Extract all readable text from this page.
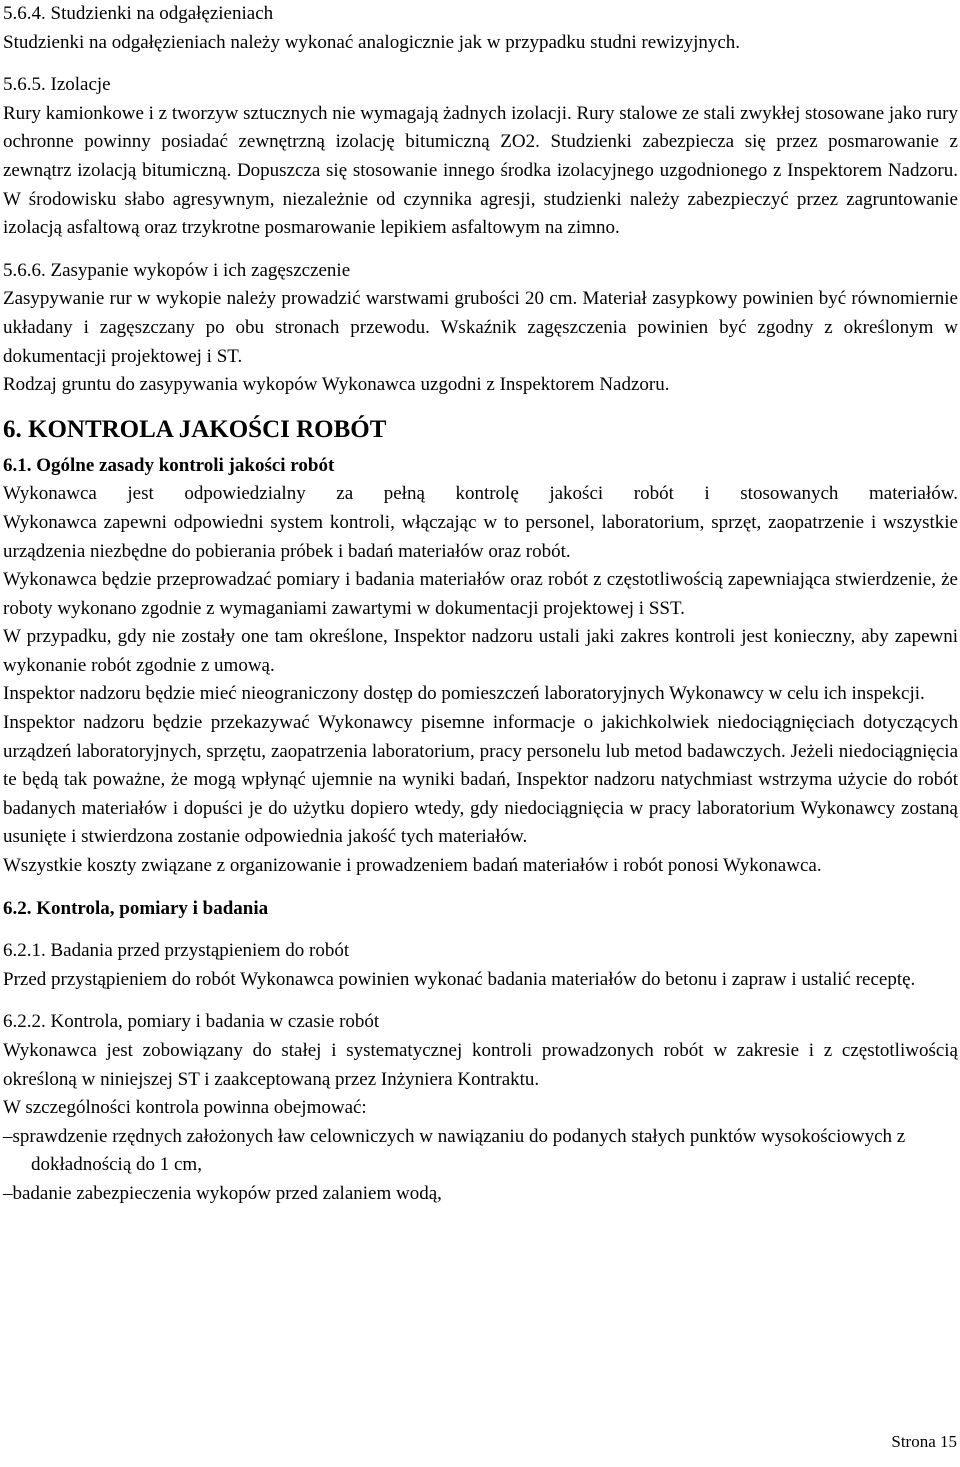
5.6.4. Studzienki na odgałęzieniach
Studzienki na odgałęzieniach należy wykonać analogicznie jak w przypadku studni rewizyjnych.
5.6.5. Izolacje
Rury kamionkowe i z tworzyw sztucznych nie wymagają żadnych izolacji. Rury stalowe ze stali zwykłej stosowane jako rury ochronne powinny posiadać zewnętrzną izolację bitumiczną ZO2. Studzienki zabezpiecza się przez posmarowanie z zewnątrz izolacją bitumiczną. Dopuszcza się stosowanie innego środka izolacyjnego uzgodnionego z Inspektorem Nadzoru. W środowisku słabo agresywnym, niezależnie od czynnika agresji, studzienki należy zabezpieczyć przez zagruntowanie izolacją asfaltową oraz trzykrotne posmarowanie lepikiem asfaltowym na zimno.
5.6.6. Zasypanie wykopów i ich zagęszczenie
Zasypywanie rur w wykopie należy prowadzić warstwami grubości 20 cm. Materiał zasypkowy powinien być równomiernie układany i zagęszczany po obu stronach przewodu. Wskaźnik zagęszczenia powinien być zgodny z określonym w dokumentacji projektowej i ST.
Rodzaj gruntu do zasypywania wykopów Wykonawca uzgodni z Inspektorem Nadzoru.
6. KONTROLA JAKOŚCI ROBÓT
6.1. Ogólne zasady kontroli jakości robót
Wykonawca jest odpowiedzialny za pełną kontrolę jakości robót i stosowanych materiałów.
Wykonawca zapewni odpowiedni system kontroli, włączając w to personel, laboratorium, sprzęt, zaopatrzenie i wszystkie urządzenia niezbędne do pobierania próbek i badań materiałów oraz robót.
Wykonawca będzie przeprowadzać pomiary i badania materiałów oraz robót z częstotliwością zapewniająca stwierdzenie, że roboty wykonano zgodnie z wymaganiami zawartymi w dokumentacji projektowej i SST.
W przypadku, gdy nie zostały one tam określone, Inspektor nadzoru ustali jaki zakres kontroli jest konieczny, aby zapewni wykonanie robót zgodnie z umową.
Inspektor nadzoru będzie mieć nieograniczony dostęp do pomieszczeń laboratoryjnych Wykonawcy w celu ich inspekcji.
Inspektor nadzoru będzie przekazywać Wykonawcy pisemne informacje o jakichkolwiek niedociągnięciach dotyczących urządzeń laboratoryjnych, sprzętu, zaopatrzenia laboratorium, pracy personelu lub metod badawczych. Jeżeli niedociągnięcia te będą tak poważne, że mogą wpłynąć ujemnie na wyniki badań, Inspektor nadzoru natychmiast wstrzyma użycie do robót badanych materiałów i dopuści je do użytku dopiero wtedy, gdy niedociągnięcia w pracy laboratorium Wykonawcy zostaną usunięte i stwierdzona zostanie odpowiednia jakość tych materiałów.
Wszystkie koszty związane z organizowanie i prowadzeniem badań materiałów i robót ponosi Wykonawca.
6.2. Kontrola, pomiary i badania
6.2.1. Badania przed przystąpieniem do robót
Przed przystąpieniem do robót Wykonawca powinien wykonać badania materiałów do betonu i zapraw i ustalić receptę.
6.2.2. Kontrola, pomiary i badania w czasie robót
Wykonawca jest zobowiązany do stałej i systematycznej kontroli prowadzonych robót w zakresie i z częstotliwością określoną w niniejszej ST i zaakceptowaną przez Inżyniera Kontraktu.
W szczególności kontrola powinna obejmować:
–sprawdzenie rzędnych założonych ław celowniczych w nawiązaniu do podanych stałych punktów wysokościowych z dokładnością do 1 cm,
–badanie zabezpieczenia wykopów przed zalaniem wodą,
Strona 15
